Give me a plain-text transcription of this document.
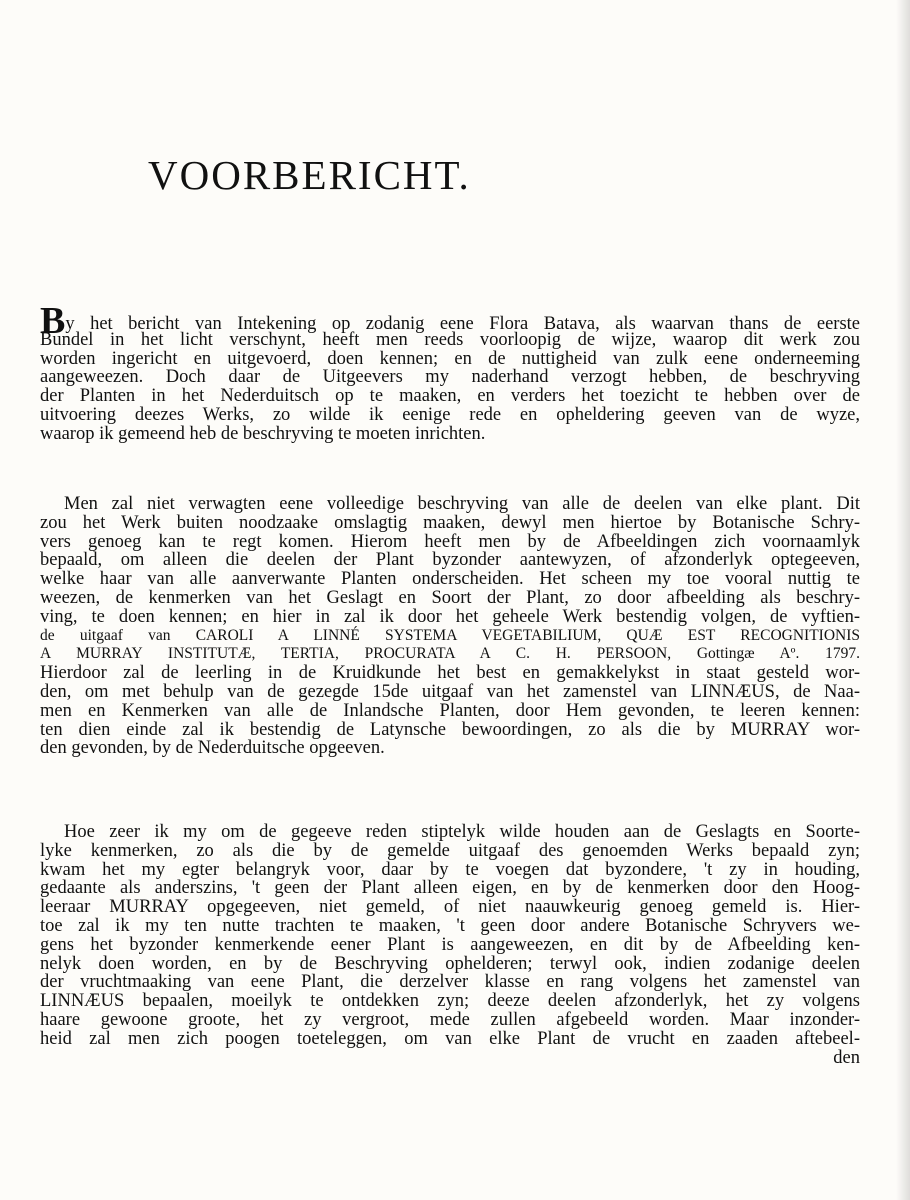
VOORBERICHT.
By het bericht van Intekening op zodanig eene Flora Batava, als waarvan thans de eerste
Bundel in het licht verschynt, heeft men reeds voorloopig de wijze, waarop dit werk zou
worden ingericht en uitgevoerd, doen kennen; en de nuttigheid van zulk eene onderneeming
aangeweezen. Doch daar de Uitgeevers my naderhand verzogt hebben, de beschryving
der Planten in het Nederduitsch op te maaken, en verders het toezicht te hebben over de
uitvoering deezes Werks, zo wilde ik eenige rede en opheldering geeven van de wyze,
waarop ik gemeend heb de beschryving te moeten inrichten.
Men zal niet verwagten eene volleedige beschryving van alle de deelen van elke plant. Dit
zou het Werk buiten noodzaake omslagtig maaken, dewyl men hiertoe by Botanische Schry-
vers genoeg kan te regt komen. Hierom heeft men by de Afbeeldingen zich voornaamlyk
bepaald, om alleen die deelen der Plant byzonder aantewyzen, of afzonderlyk optegeeven,
welke haar van alle aanverwante Planten onderscheiden. Het scheen my toe vooral nuttig te
weezen, de kenmerken van het Geslagt en Soort der Plant, zo door afbeelding als beschry-
ving, te doen kennen; en hier in zal ik door het geheele Werk bestendig volgen, de vyftien-
de uitgaaf van CAROLI A LINNÉ SYSTEMA VEGETABILIUM, QUÆ EST RECOGNITIONIS
A MURRAY INSTITUTÆ, TERTIA, PROCURATA A C. H. PERSOON, Gottingæ Aº. 1797.
Hierdoor zal de leerling in de Kruidkunde het best en gemakkelykst in staat gesteld wor-
den, om met behulp van de gezegde 15de uitgaaf van het zamenstel van LINNÆUS, de Naa-
men en Kenmerken van alle de Inlandsche Planten, door Hem gevonden, te leeren kennen:
ten dien einde zal ik bestendig de Latynsche bewoordingen, zo als die by MURRAY wor-
den gevonden, by de Nederduitsche opgeeven.
Hoe zeer ik my om de gegeeve reden stiptelyk wilde houden aan de Geslagts en Soorte-
lyke kenmerken, zo als die by de gemelde uitgaaf des genoemden Werks bepaald zyn;
kwam het my egter belangryk voor, daar by te voegen dat byzondere, 't zy in houding,
gedaante als anderszins, 't geen der Plant alleen eigen, en by de kenmerken door den Hoog-
leeraar MURRAY opgegeeven, niet gemeld, of niet naauwkeurig genoeg gemeld is. Hier-
toe zal ik my ten nutte trachten te maaken, 't geen door andere Botanische Schryvers we-
gens het byzonder kenmerkende eener Plant is aangeweezen, en dit by de Afbeelding ken-
nelyk doen worden, en by de Beschryving ophelderen; terwyl ook, indien zodanige deelen
der vruchtmaaking van eene Plant, die derzelver klasse en rang volgens het zamenstel van
LINNÆUS bepaalen, moeilyk te ontdekken zyn; deeze deelen afzonderlyk, het zy volgens
haare gewoone groote, het zy vergroot, mede zullen afgebeeld worden. Maar inzonder-
heid zal men zich poogen toeteleggen, om van elke Plant de vrucht en zaaden aftebeel-
den
